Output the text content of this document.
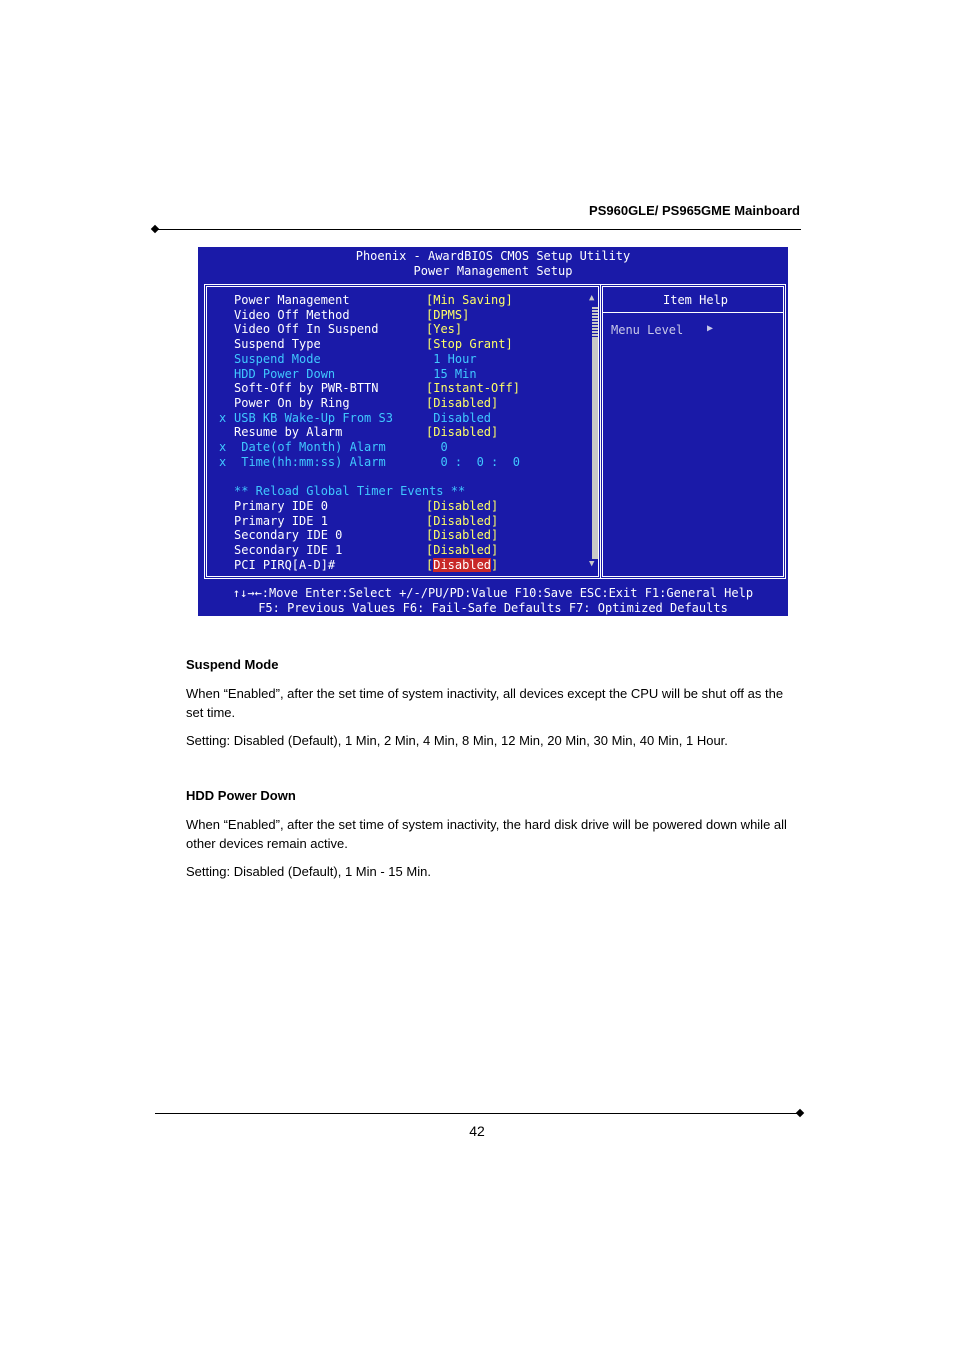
PS960GLE/ PS965GME Mainboard
Phoenix - AwardBIOS CMOS Setup Utility
Power Management Setup
Power Management	[Min Saving]
Video Off Method	[DPMS]
Video Off In Suspend	[Yes]
Suspend Type	[Stop Grant]
Suspend Mode	1 Hour
HDD Power Down	15 Min
Soft-Off by PWR-BTTN	[Instant-Off]
Power On by Ring	[Disabled]
x USB KB Wake-Up From S3	Disabled
Resume by Alarm	[Disabled]
x Date(of Month) Alarm	0
x Time(hh:mm:ss) Alarm	0 :  0 :  0
** Reload Global Timer Events **
Primary IDE 0	[Disabled]
Primary IDE 1	[Disabled]
Secondary IDE 0	[Disabled]
Secondary IDE 1	[Disabled]
PCI PIRQ[A-D]#	[Disabled]
▲
▼
Item Help
Menu Level ▶
↑↓→←:Move Enter:Select +/-/PU/PD:Value F10:Save ESC:Exit F1:General Help
F5: Previous Values F6: Fail-Safe Defaults F7: Optimized Defaults
Suspend Mode
When “Enabled”, after the set time of system inactivity, all devices except the CPU will be shut off as the set time.
Setting: Disabled (Default), 1 Min, 2 Min, 4 Min, 8 Min, 12 Min, 20 Min, 30 Min, 40 Min, 1 Hour.
HDD Power Down
When “Enabled”, after the set time of system inactivity, the hard disk drive will be powered down while all other devices remain active.
Setting: Disabled (Default), 1 Min - 15 Min.
42
